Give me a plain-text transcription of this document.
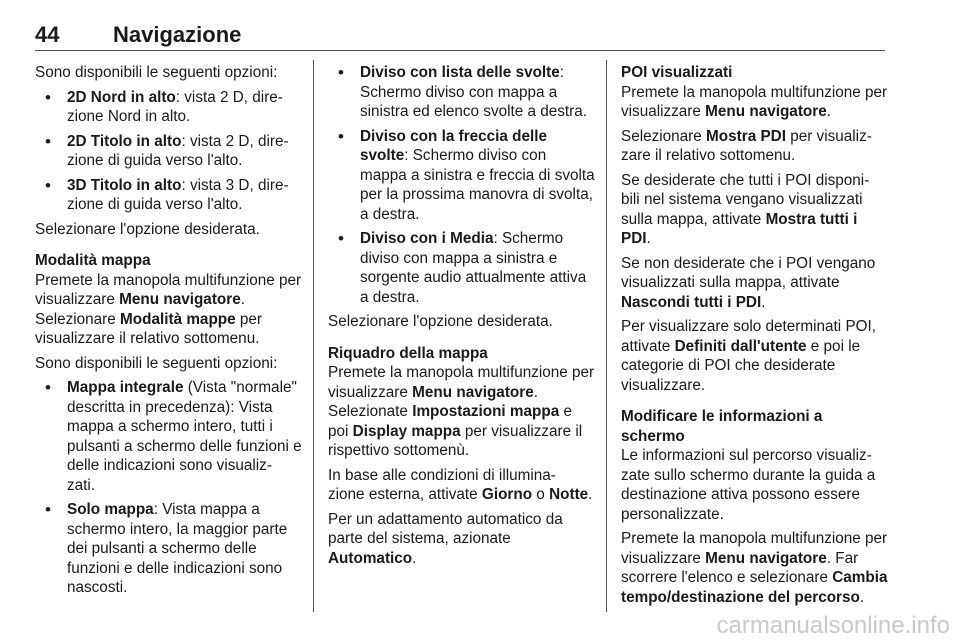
44 Navigazione

Sono disponibili le seguenti opzioni:

• 2D Nord in alto: vista 2 D, dire- zione Nord in alto.
• 2D Titolo in alto: vista 2 D, dire- zione di guida verso l'alto.
• 3D Titolo in alto: vista 3 D, dire- zione di guida verso l'alto.

Selezionare l'opzione desiderata.

Modalità mappa

Premete la manopola multifunzione per visualizzare Menu navigatore. Selezionare Modalità mappe per visualizzare il relativo sottomenu.

Sono disponibili le seguenti opzioni:

• Mappa integrale (Vista "normale" descritta in precedenza): Vista mappa a schermo intero, tutti i pulsanti a schermo delle funzioni e delle indicazioni sono visualiz- zati.
• Solo mappa: Vista mappa a schermo intero, la maggior parte dei pulsanti a schermo delle funzioni e delle indicazioni sono nascosti.
• Diviso con lista delle svolte: Schermo diviso con mappa a sinistra ed elenco svolte a destra.
• Diviso con la freccia delle svolte: Schermo diviso con mappa a sinistra e freccia di svolta per la prossima manovra di svolta, a destra.
• Diviso con i Media: Schermo diviso con mappa a sinistra e sorgente audio attualmente attiva a destra.

Selezionare l'opzione desiderata.

Riquadro della mappa

Premete la manopola multifunzione per visualizzare Menu navigatore. Selezionate Impostazioni mappa e poi Display mappa per visualizzare il rispettivo sottomenù.

In base alle condizioni di illumina- zione esterna, attivate Giorno o Notte.

Per un adattamento automatico da parte del sistema, azionate Automatico.

POI visualizzati

Premete la manopola multifunzione per visualizzare Menu navigatore.

Selezionare Mostra PDI per visualiz- zare il relativo sottomenu.

Se desiderate che tutti i POI disponi- bili nel sistema vengano visualizzati sulla mappa, attivate Mostra tutti i PDI.

Se non desiderate che i POI vengano visualizzati sulla mappa, attivate Nascondi tutti i PDI.

Per visualizzare solo determinati POI, attivate Definiti dall'utente e poi le categorie di POI che desiderate visualizzare.

Modificare le informazioni a schermo

Le informazioni sul percorso visualiz- zate sullo schermo durante la guida a destinazione attiva possono essere personalizzate.

Premete la manopola multifunzione per visualizzare Menu navigatore. Far scorrere l'elenco e selezionare Cambia tempo/destinazione del percorso.

carmanualsonline.info
